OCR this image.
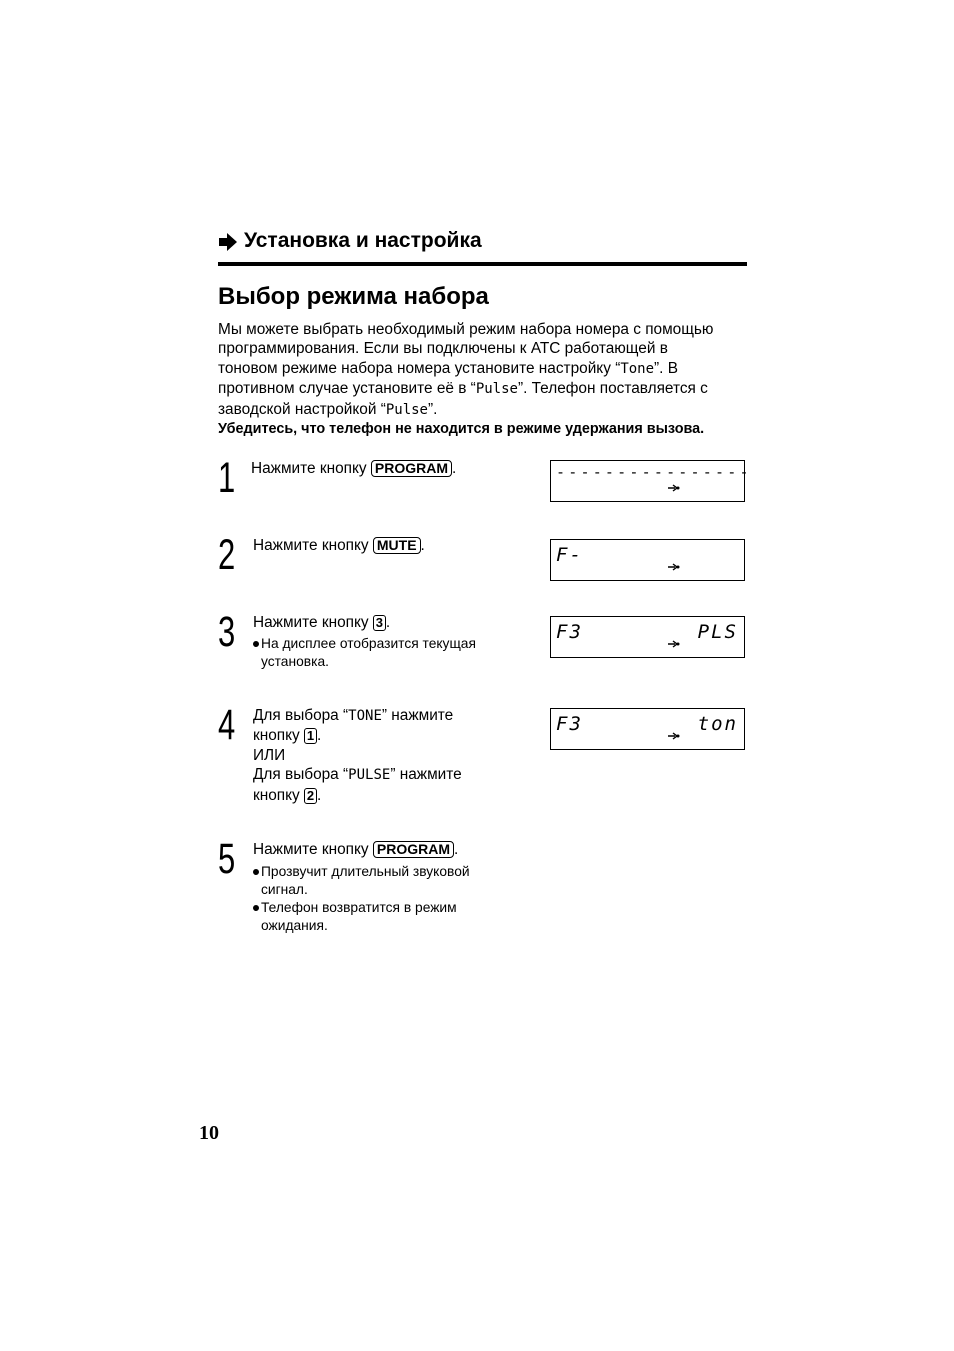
Установка и настройка
Выбор режима набора

Мы можете выбрать необходимый режим набора номера с помощью

программирования. Если вы подключены к АТС работающей в

тоновом режиме набора номера установите настройку “Tone”. В

противном случае установите её в “Pulse”. Телефон поставляется с

заводской настройкой “Pulse”.

Убедитесь, что телефон не находится в режиме удержания вызова.
1 Нажмите кнопку PROGRAM .
2 Нажмите кнопку MUTE .
3 Нажмите кнопку 3 .

На дисплее отобразится текущая

установка.

4 Для выбора “TONE” нажмите

кнопку 1 .

ИЛИ

Для выбора “PULSE” нажмите

кнопку 2 .

5 Нажмите кнопку PROGRAM .

Прозвучит длительный звуковой

сигнал.

Телефон возвратится в режим

ожидания.

----------------
F-
F3	PLS
F3	ton
10
